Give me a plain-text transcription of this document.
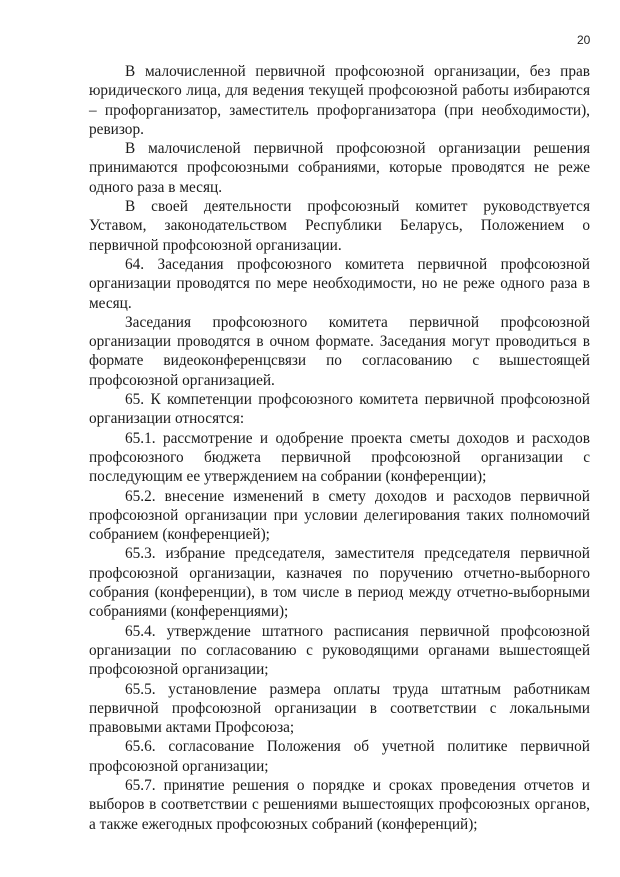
20

В малочисленной первичной профсоюзной организации, без прав юридического лица, для ведения текущей профсоюзной работы избираются – профорганизатор, заместитель профорганизатора (при необходимости), ревизор.

В малочисленой первичной профсоюзной организации решения принимаются профсоюзными собраниями, которые проводятся не реже одного раза в месяц.

В своей деятельности профсоюзный комитет руководствуется Уставом, законодательством Республики Беларусь, Положением о первичной профсоюзной организации.

64. Заседания профсоюзного комитета первичной профсоюзной организации проводятся по мере необходимости, но не реже одного раза в месяц.

Заседания профсоюзного комитета первичной профсоюзной организации проводятся в очном формате. Заседания могут проводиться в формате видеоконференцсвязи по согласованию с вышестоящей профсоюзной организацией.

65. К компетенции профсоюзного комитета первичной профсоюзной организации относятся:

65.1. рассмотрение и одобрение проекта сметы доходов и расходов профсоюзного бюджета первичной профсоюзной организации с последующим ее утверждением на собрании (конференции);

65.2. внесение изменений в смету доходов и расходов первичной профсоюзной организации при условии делегирования таких полномочий собранием (конференцией);

65.3. избрание председателя, заместителя председателя первичной профсоюзной организации, казначея по поручению отчетно-выборного собрания (конференции), в том числе в период между отчетно-выборными собраниями (конференциями);

65.4. утверждение штатного расписания первичной профсоюзной организации по согласованию с руководящими органами вышестоящей профсоюзной организации;

65.5. установление размера оплаты труда штатным работникам первичной профсоюзной организации в соответствии с локальными правовыми актами Профсоюза;

65.6. согласование Положения об учетной политике первичной профсоюзной организации;

65.7. принятие решения о порядке и сроках проведения отчетов и выборов в соответствии с решениями вышестоящих профсоюзных органов, а также ежегодных профсоюзных собраний (конференций);
